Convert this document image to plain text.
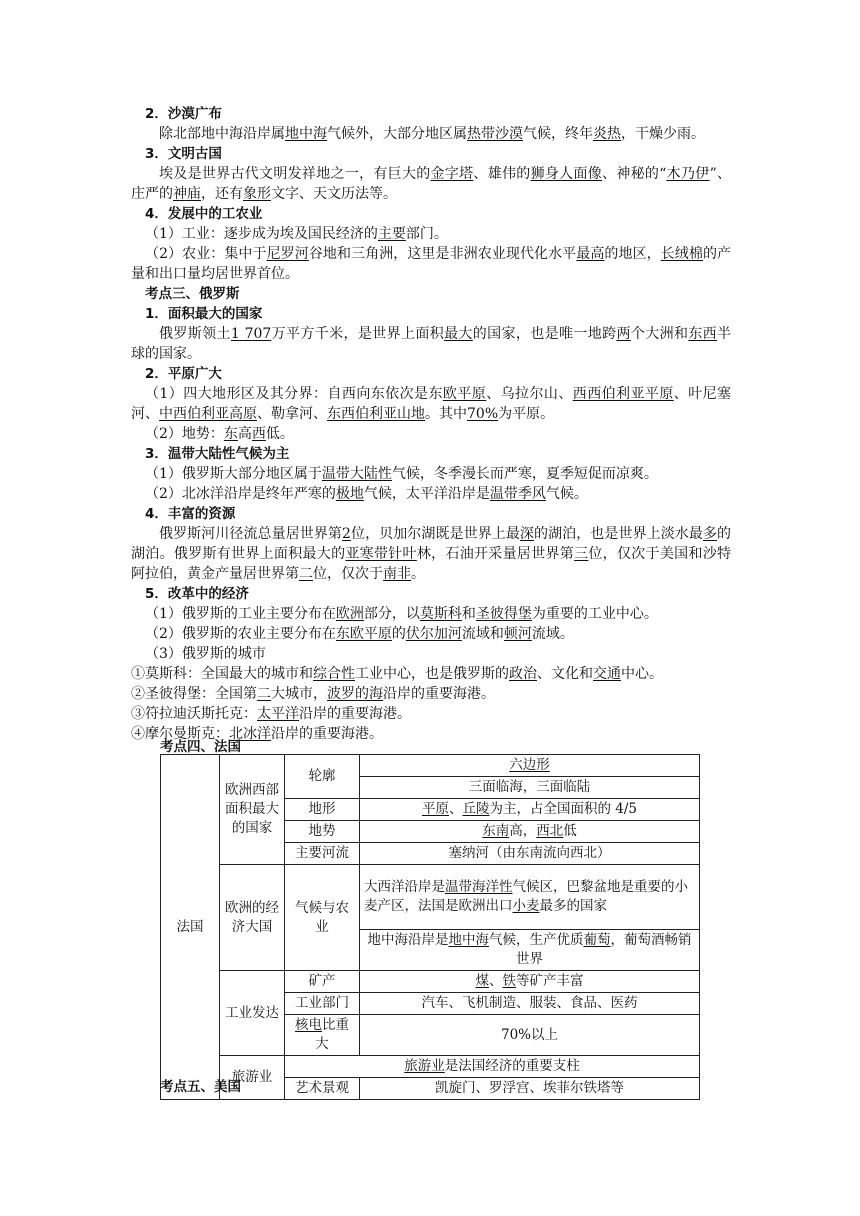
2．沙漠广布
除北部地中海沿岸属地中海气候外，大部分地区属热带沙漠气候，终年炎热，干燥少雨。
3．文明古国
埃及是世界古代文明发祥地之一，有巨大的金字塔、雄伟的狮身人面像、神秘的“木乃伊”、庄严的神庙，还有象形文字、天文历法等。
4．发展中的工农业
（1）工业：逐步成为埃及国民经济的主要部门。
（2）农业：集中于尼罗河谷地和三角洲，这里是非洲农业现代化水平最高的地区，长绒棉的产量和出口量均居世界首位。
考点三、俄罗斯
1．面积最大的国家
俄罗斯领土1 707万平方千米，是世界上面积最大的国家，也是唯一地跨两个大洲和东西半球的国家。
2．平原广大
（1）四大地形区及其分界：自西向东依次是东欧平原、乌拉尔山、西西伯利亚平原、叶尼塞河、中西伯利亚高原、勒拿河、东西伯利亚山地。其中70%为平原。
（2）地势：东高西低。
3．温带大陆性气候为主
（1）俄罗斯大部分地区属于温带大陆性气候，冬季漫长而严寒，夏季短促而凉爽。
（2）北冰洋沿岸是终年严寒的极地气候，太平洋沿岸是温带季风气候。
4．丰富的资源
俄罗斯河川径流总量居世界第2位，贝加尔湖既是世界上最深的湖泊，也是世界上淡水最多的湖泊。俄罗斯有世界上面积最大的亚寒带针叶林，石油开采量居世界第三位，仅次于美国和沙特阿拉伯，黄金产量居世界第二位，仅次于南非。
5．改革中的经济
（1）俄罗斯的工业主要分布在欧洲部分，以莫斯科和圣彼得堡为重要的工业中心。
（2）俄罗斯的农业主要分布在东欧平原的伏尔加河流域和顿河流域。
（3）俄罗斯的城市
①莫斯科：全国最大的城市和综合性工业中心，也是俄罗斯的政治、文化和交通中心。
②圣彼得堡：全国第二大城市，波罗的海沿岸的重要海港。
③符拉迪沃斯托克：太平洋沿岸的重要海港。
④摩尔曼斯克：北冰洋沿岸的重要海港。
考点四、法国
法国	欧洲西部面积最大的国家	轮廓	六边形
			三面临海，三面临陆
		地形	平原、丘陵为主，占全国面积的 4/5
		地势	东南高，西北低
		主要河流	塞纳河（由东南流向西北）
	欧洲的经济大国	气候与农业	大西洋沿岸是温带海洋性气候区，巴黎盆地是重要的小麦产区，法国是欧洲出口小麦最多的国家
			地中海沿岸是地中海气候，生产优质葡萄，葡萄酒畅销世界
	工业发达	矿产	煤、铁等矿产丰富
		工业部门	汽车、飞机制造、服装、食品、医药
		核电比重大	70%以上
	旅游业	旅游业是法国经济的重要支柱	
		艺术景观	凯旋门、罗浮宫、埃菲尔铁塔等
考点五、美国
